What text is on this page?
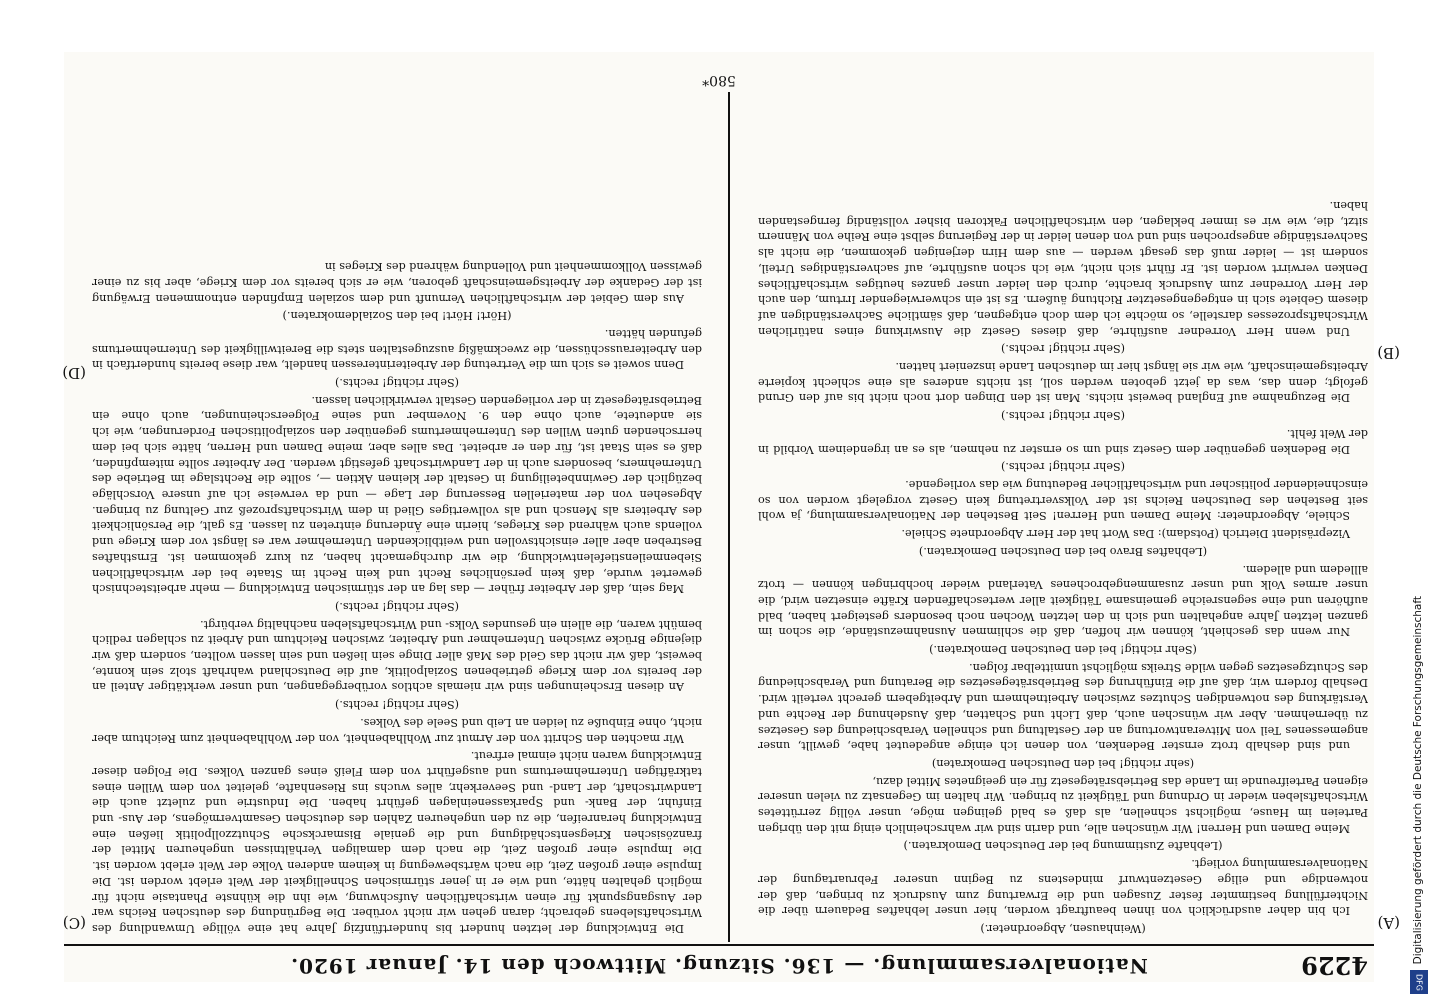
4229
Nationalversammlung. — 136. Sitzung. Mittwoch den 14. Januar 1920.
(A)
(B)
(C)
(D)

(Weinhausen, Abgeordneter.)

Ich bin daher ausdrücklich von ihnen beauftragt worden, hier unser lebhaftes Bedauern über die Nichterfüllung bestimmter fester Zusagen und die Erwartung zum Ausdruck zu bringen, daß der notwendige und eilige Gesetzentwurf mindestens zu Beginn unserer Februartagung der Nationalversammlung vorliegt.

(Lebhafte Zustimmung bei der Deutschen Demokraten.)

Meine Damen und Herren! Wir wünschen alle, und darin sind wir wahrscheinlich einig mit den übrigen Parteien im Hause, möglichst schnellen, als daß es bald gelingen möge, unser völlig zerrüttetes Wirtschaftsleben wieder in Ordnung und Tätigkeit zu bringen. Wir halten im Gegensatz zu vielen unserer eigenen Parteifreunde im Lande das Betriebsrätegesetz für ein geeignetes Mittel dazu,

(sehr richtig! bei den Deutschen Demokraten)

und sind deshalb trotz ernster Bedenken, von denen ich einige angedeutet habe, gewillt, unser angemessenes Teil von Mitverantwortung an der Gestaltung und schnellen Verabschiedung des Gesetzes zu übernehmen. Aber wir wünschen auch, daß Licht und Schatten, daß Ausdehnung der Rechte und Verstärkung des notwendigen Schutzes zwischen Arbeitnehmern und Arbeitgebern gerecht verteilt wird. Deshalb fordern wir, daß auf die Einführung des Betriebsrätegesetzes die Beratung und Verabschiedung des Schutzgesetzes gegen wilde Streiks möglichst unmittelbar folgen.

(Sehr richtig! bei den Deutschen Demokraten.)

Nur wenn das geschieht, können wir hoffen, daß die schlimmen Ausnahmezustände, die schon im ganzen letzten Jahre angehalten und sich in den letzten Wochen noch besonders gesteigert haben, bald aufhören und eine segensreiche gemeinsame Tätigkeit aller werteschaffenden Kräfte einsetzen wird, die unser armes Volk und unser zusammengebrochenes Vaterland wieder hochbringen können — trotz allledem und alledem.

(Lebhaftes Bravo bei den Deutschen Demokraten.)

Vizepräsident Dietrich (Potsdam): Das Wort hat der Herr Abgeordnete Schiele.

Schiele, Abgeordneter: Meine Damen und Herren! Seit Bestehen der Nationalversammlung, ja wohl seit Bestehen des Deutschen Reichs ist der Volksvertretung kein Gesetz vorgelegt worden von so einschneidender politischer und wirtschaftlicher Bedeutung wie das vorliegende.

(Sehr richtig! rechts.)

Die Bedenken gegenüber dem Gesetz sind um so ernster zu nehmen, als es an irgendeinem Vorbild in der Welt fehlt.

(Sehr richtig! rechts.)

Die Bezugnahme auf England beweist nichts. Man ist den Dingen dort noch nicht bis auf den Grund gefolgt; denn das, was da jetzt geboten werden soll, ist nichts anderes als eine schlecht kopierte Arbeitsgemeinschaft, wie wir sie längst hier im deutschen Lande inszeniert hatten.

(Sehr richtig! rechts.)

Und wenn Herr Vorredner ausführte, daß dieses Gesetz die Auswirkung eines natürlichen Wirtschaftsprozesses darstelle, so möchte ich dem doch entgegnen, daß sämtliche Sachverständigen auf diesem Gebiete sich in entgegengesetzter Richtung äußern. Es ist ein schwerwiegender Irrtum, den auch der Herr Vorredner zum Ausdruck brachte, durch den leider unser ganzes heutiges wirtschaftliches Denken verwirrt worden ist. Er führt sich nicht, wie ich schon ausführte, auf sachverständiges Urteil, sondern ist — leider muß das gesagt werden — aus dem Hirn derjenigen gekommen, die nicht als Sachverständige angesprochen sind und von denen leider in der Regierung selbst eine Reihe von Männern sitzt, die, wie wir es immer beklagen, den wirtschaftlichen Faktoren bisher vollständig ferngestanden haben.

Die Entwicklung der letzten hundert bis hundertfünfzig Jahre hat eine völlige Umwandlung des Wirtschaftslebens gebracht; daran gehen wir nicht vorüber. Die Begründung des deutschen Reichs war der Ausgangspunkt für einen wirtschaftlichen Aufschwung, wie ihn die kühnste Phantasie nicht für möglich gehalten hätte, und wie er in jener stürmischen Schnelligkeit der Welt erlebt worden ist. Die Impulse einer großen Zeit, die nach wärtsbewegung in keinem anderen Volke der Welt erlebt worden ist. Die Impulse einer großen Zeit, die nach dem damaligen Verhältnissen ungeheuren Mittel der französischen Kriegsentschädigung und die geniale Bismarcksche Schutzzollpolitik ließen eine Entwicklung heranreifen, die zu den ungeheuren Zahlen des deutschen Gesamtvermögens, der Aus- und Einfuhr, der Bank- und Sparkasseneinlagen geführt haben. Die Industrie und zuletzt auch die Landwirtschaft, der Land- und Seeverkehr, alles wuchs ins Riesenhafte, geleitet von dem Willen eines tatkräftigen Unternehmertums und ausgeführt von dem Fleiß eines ganzen Volkes. Die Folgen dieser Entwicklung waren nicht einmal erfreut.

Wir machten den Schritt von der Armut zur Wohlhabenheit, von der Wohlhabenheit zum Reichtum aber nicht, ohne Einbuße zu leiden an Leib und Seele des Volkes.

(Sehr richtig! rechts.)

An diesen Erscheinungen sind wir niemals achtlos vorübergegangen, und unser werktätiger Anteil an der bereits vor dem Kriege getriebenen Sozialpolitik, auf die Deutschland wahrhaft stolz sein konnte, beweist, daß wir nicht das Geld des Maß aller Dinge sein ließen und sein lassen wollten, sondern daß wir diejenige Brücke zwischen Unternehmer und Arbeiter, zwischen Reichtum und Arbeit zu schlagen redlich bemüht waren, die allein ein gesundes Volks- und Wirtschaftsleben nachhaltig verbürgt.

(Sehr richtig! rechts.)

Mag sein, daß der Arbeiter früher — das lag an der stürmischen Entwicklung — mehr arbeitstechnisch gewertet wurde, daß kein persönliches Recht und kein Recht im Staate bei der wirtschaftlichen Siebenmeilenstiefelentwicklung, die wir durchgemacht haben, zu kurz gekommen ist. Ernsthaftes Bestreben aber aller einsichtsvollen und weitblickenden Unternehmer war es längst vor dem Kriege und vollends auch während des Krieges, hierin eine Änderung eintreten zu lassen. Es galt, die Persönlichkeit des Arbeiters als Mensch und als vollwertiges Glied in dem Wirtschaftsprozeß zur Geltung zu bringen. Abgesehen von der materiellen Besserung der Lage — und da verweise ich auf unsere Vorschläge bezüglich der Gewinnbeteiligung in Gestalt der kleinen Aktien —, sollte die Rechtslage im Betriebe des Unternehmers, besonders auch in der Landwirtschaft gefestigt werden. Der Arbeiter sollte mitempfinden, daß es sein Staat ist, für den er arbeitet. Das alles aber, meine Damen und Herren, hätte sich bei dem herrschenden guten Willen des Unternehmertums gegenüber den sozialpolitischen Forderungen, wie ich sie andeutete, auch ohne den 9. November und seine Folgeerscheinungen, auch ohne ein Betriebsrätegesetz in der vorliegenden Gestalt verwirklichen lassen.

(Sehr richtig! rechts.)

Denn soweit es sich um die Vertretung der Arbeiterinteressen handelt, war diese bereits hundertfach in den Arbeiterausschüssen, die zweckmäßig auszugestalten stets die Bereitwilligkeit des Unternehmertums gefunden hätten.

(Hört! Hört! bei den Sozialdemokraten.)

Aus dem Gebiet der wirtschaftlichen Vernunft und dem sozialen Empfinden entnommenen Erwägung ist der Gedanke der Arbeitsgemeinschaft geboren, wie er sich bereits vor dem Kriege, aber bis zu einer gewissen Vollkommenheit und Vollendung während des Krieges in

580*
Digitalisierung gefördert durch die Deutsche Forschungsgemeinschaft
DFG
